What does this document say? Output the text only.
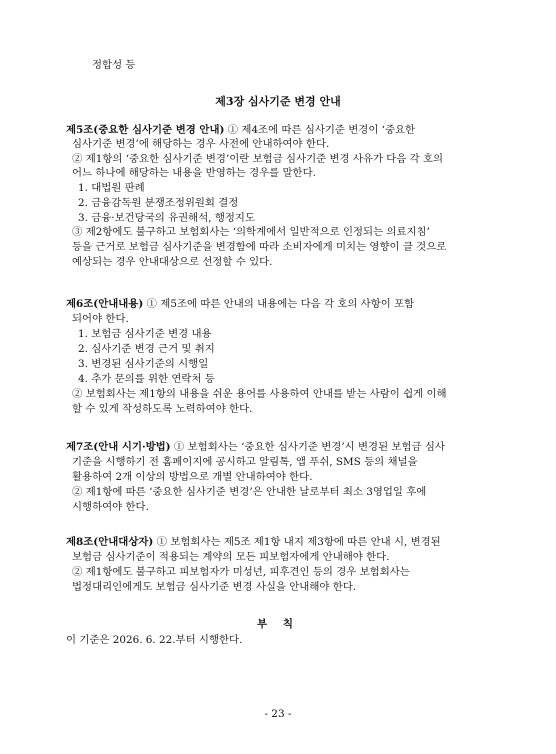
정합성 등
제3장 심사기준 변경 안내
제5조(중요한 심사기준 변경 안내) ① 제4조에 따른 심사기준 변경이 ‘중요한
심사기준 변경’에 해당하는 경우 사전에 안내하여야 한다.
② 제1항의 ‘중요한 심사기준 변경’이란 보험금 심사기준 변경 사유가 다음 각 호의
어느 하나에 해당하는 내용을 반영하는 경우를 말한다.
1. 대법원 판례
2. 금융감독원 분쟁조정위원회 결정
3. 금융·보건당국의 유권해석, 행정지도
③ 제2항에도 불구하고 보험회사는 ‘의학계에서 일반적으로 인정되는 의료지침’
등을 근거로 보험금 심사기준을 변경함에 따라 소비자에게 미치는 영향이 클 것으로
예상되는 경우 안내대상으로 선정할 수 있다.
제6조(안내내용) ① 제5조에 따른 안내의 내용에는 다음 각 호의 사항이 포함
되어야 한다.
1. 보험금 심사기준 변경 내용
2. 심사기준 변경 근거 및 취지
3. 변경된 심사기준의 시행일
4. 추가 문의를 위한 연락처 등
② 보험회사는 제1항의 내용을 쉬운 용어를 사용하여 안내를 받는 사람이 쉽게 이해
할 수 있게 작성하도록 노력하여야 한다.
제7조(안내 시기·방법) ① 보험회사는 ‘중요한 심사기준 변경’시 변경된 보험금 심사
기준을 시행하기 전 홈페이지에 공시하고 알림톡, 앱 푸쉬, SMS 등의 채널을
활용하여 2개 이상의 방법으로 개별 안내하여야 한다.
② 제1항에 따른 ‘중요한 심사기준 변경’은 안내한 날로부터 최소 3영업일 후에
시행하여야 한다.
제8조(안내대상자) ① 보험회사는 제5조 제1항 내지 제3항에 따른 안내 시, 변경된
보험금 심사기준이 적용되는 계약의 모든 피보험자에게 안내해야 한다.
② 제1항에도 불구하고 피보험자가 미성년, 피후견인 등의 경우 보험회사는
법정대리인에게도 보험금 심사기준 변경 사실을 안내해야 한다.
부 칙
이 기준은 2026. 6. 22.부터 시행한다.
- 23 -
